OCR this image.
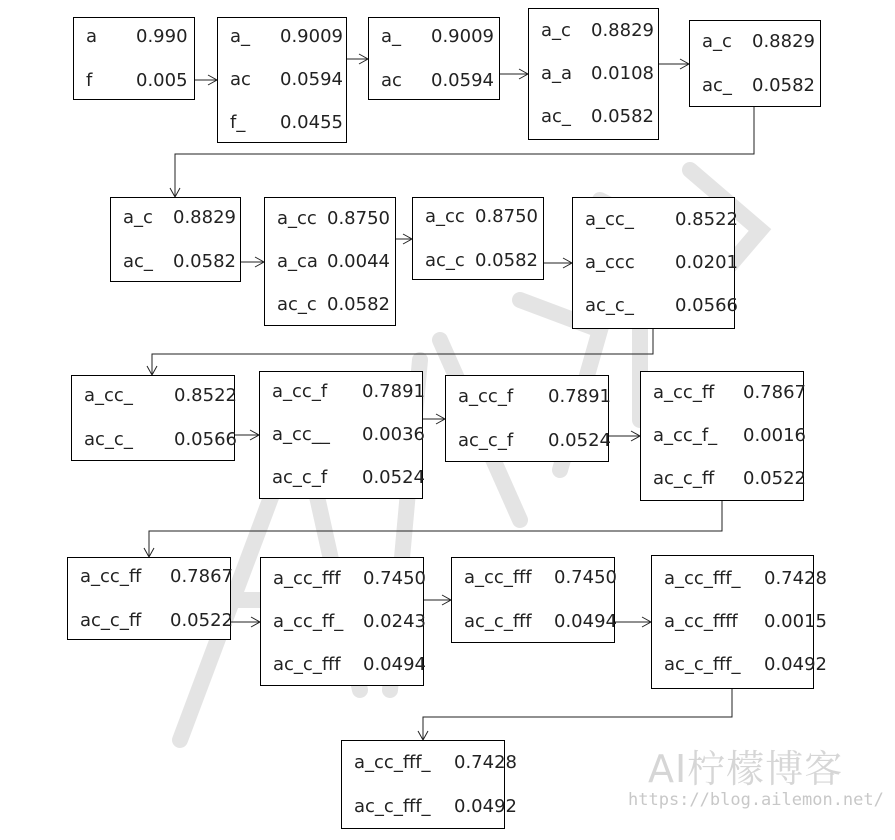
a 0.990
f 0.005
a_ 0.9009
ac 0.0594
f_ 0.0455
a_ 0.9009
ac 0.0594
a_c 0.8829
a_a 0.0108
ac_ 0.0582
a_c 0.8829
ac_ 0.0582
a_c 0.8829
ac_ 0.0582
a_cc 0.8750
a_ca 0.0044
ac_c 0.0582
a_cc 0.8750
ac_c 0.0582
a_cc_ 0.8522
a_ccc 0.0201
ac_c_ 0.0566
a_cc_ 0.8522
ac_c_ 0.0566
a_cc_f 0.7891
a_cc__ 0.0036
ac_c_f 0.0524
a_cc_f 0.7891
ac_c_f 0.0524
a_cc_ff 0.7867
a_cc_f_ 0.0016
ac_c_ff 0.0522
a_cc_ff 0.7867
ac_c_ff 0.0522
a_cc_fff 0.7450
a_cc_ff_ 0.0243
ac_c_fff 0.0494
a_cc_fff 0.7450
ac_c_fff 0.0494
a_cc_fff_ 0.7428
a_cc_ffff 0.0015
ac_c_fff_ 0.0492
a_cc_fff_ 0.7428
ac_c_fff_ 0.0492
AI柠檬博客
https://blog.ailemon.net/
